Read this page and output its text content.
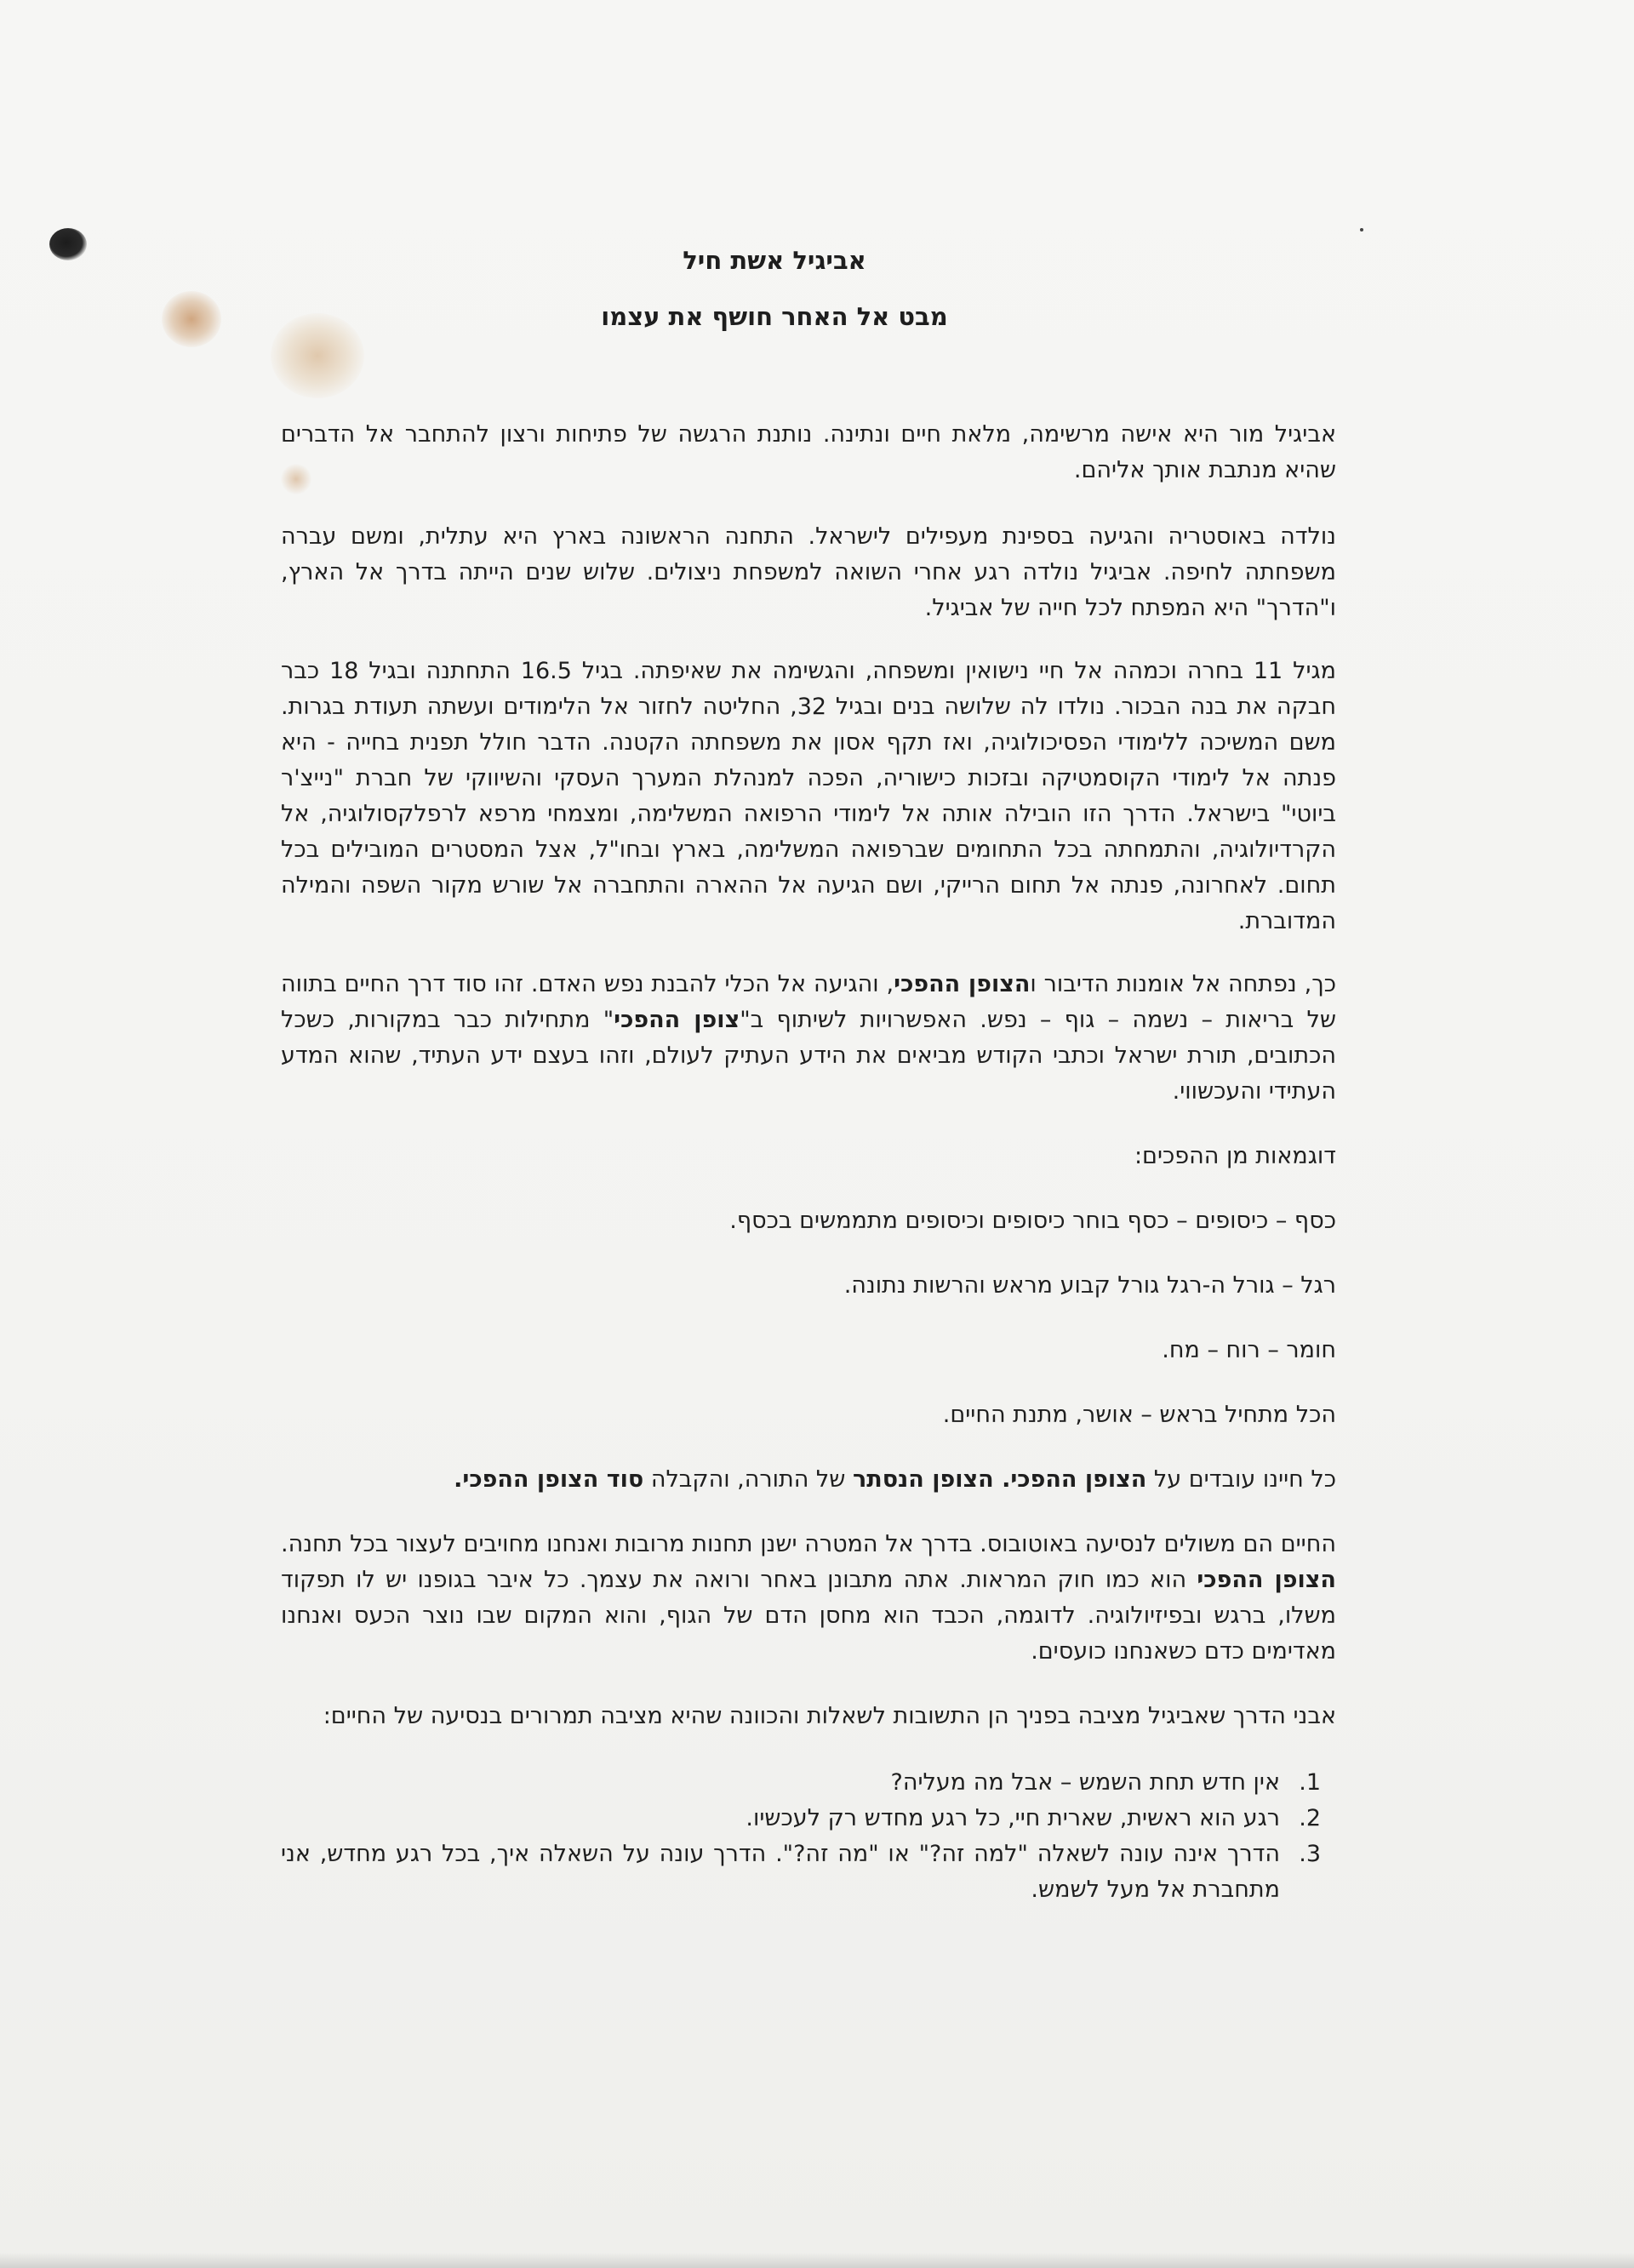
אביגיל אשת חיל
מבט אל האחר חושף את עצמו

אביגיל מור היא אישה מרשימה, מלאת חיים ונתינה. נותנת הרגשה של פתיחות ורצון להתחבר אל הדברים שהיא מנתבת אותך אליהם.

נולדה באוסטריה והגיעה בספינת מעפילים לישראל. התחנה הראשונה בארץ היא עתלית, ומשם עברה משפחתה לחיפה. אביגיל נולדה רגע אחרי השואה למשפחת ניצולים. שלוש שנים הייתה בדרך אל הארץ, ו"הדרך" היא המפתח לכל חייה של אביגיל.

מגיל 11 בחרה וכמהה אל חיי נישואין ומשפחה, והגשימה את שאיפתה. בגיל 16.5 התחתנה ובגיל 18 כבר חבקה את בנה הבכור. נולדו לה שלושה בנים ובגיל 32, החליטה לחזור אל הלימודים ועשתה תעודת בגרות. משם המשיכה ללימודי הפסיכולוגיה, ואז תקף אסון את משפחתה הקטנה. הדבר חולל תפנית בחייה - היא פנתה אל לימודי הקוסמטיקה ובזכות כישוריה, הפכה למנהלת המערך העסקי והשיווקי של חברת "נייצ'ר ביוטי" בישראל. הדרך הזו הובילה אותה אל לימודי הרפואה המשלימה, ומצמחי מרפא לרפלקסולוגיה, אל הקרדיולוגיה, והתמחתה בכל התחומים שברפואה המשלימה, בארץ ובחו"ל, אצל המסטרים המובילים בכל תחום. לאחרונה, פנתה אל תחום הרייקי, ושם הגיעה אל ההארה והתחברה אל שורש מקור השפה והמילה המדוברת.

כך, נפתחה אל אומנות הדיבור והצופן ההפכי, והגיעה אל הכלי להבנת נפש האדם. זהו סוד דרך החיים בתווה של בריאות – נשמה – גוף – נפש. האפשרויות לשיתוף ב"צופן ההפכי" מתחילות כבר במקורות, כשכל הכתובים, תורת ישראל וכתבי הקודש מביאים את הידע העתיק לעולם, וזהו בעצם ידע העתיד, שהוא המדע העתידי והעכשווי.

דוגמאות מן ההפכים:

כסף – כיסופים – כסף בוחר כיסופים וכיסופים מתממשים בכסף.

רגל – גורל ה-רגל גורל קבוע מראש והרשות נתונה.

חומר – רוח – מח.

הכל מתחיל בראש – אושר, מתנת החיים.

כל חיינו עובדים על הצופן ההפכי. הצופן הנסתר של התורה, והקבלה סוד הצופן ההפכי.

החיים הם משולים לנסיעה באוטובוס. בדרך אל המטרה ישנן תחנות מרובות ואנחנו מחויבים לעצור בכל תחנה. הצופן ההפכי הוא כמו חוק המראות. אתה מתבונן באחר ורואה את עצמך. כל איבר בגופנו יש לו תפקוד משלו, ברגש ובפיזיולוגיה. לדוגמה, הכבד הוא מחסן הדם של הגוף, והוא המקום שבו נוצר הכעס ואנחנו מאדימים כדם כשאנחנו כועסים.

אבני הדרך שאביגיל מציבה בפניך הן התשובות לשאלות והכוונה שהיא מציבה תמרורים בנסיעה של החיים:

1.
אין חדש תחת השמש – אבל מה מעליה?
2.
רגע הוא ראשית, שארית חיי, כל רגע מחדש רק לעכשיו.
3.
הדרך אינה עונה לשאלה "למה זה?" או "מה זה?". הדרך עונה על השאלה איך, בכל רגע מחדש, אני מתחברת אל מעל לשמש.
